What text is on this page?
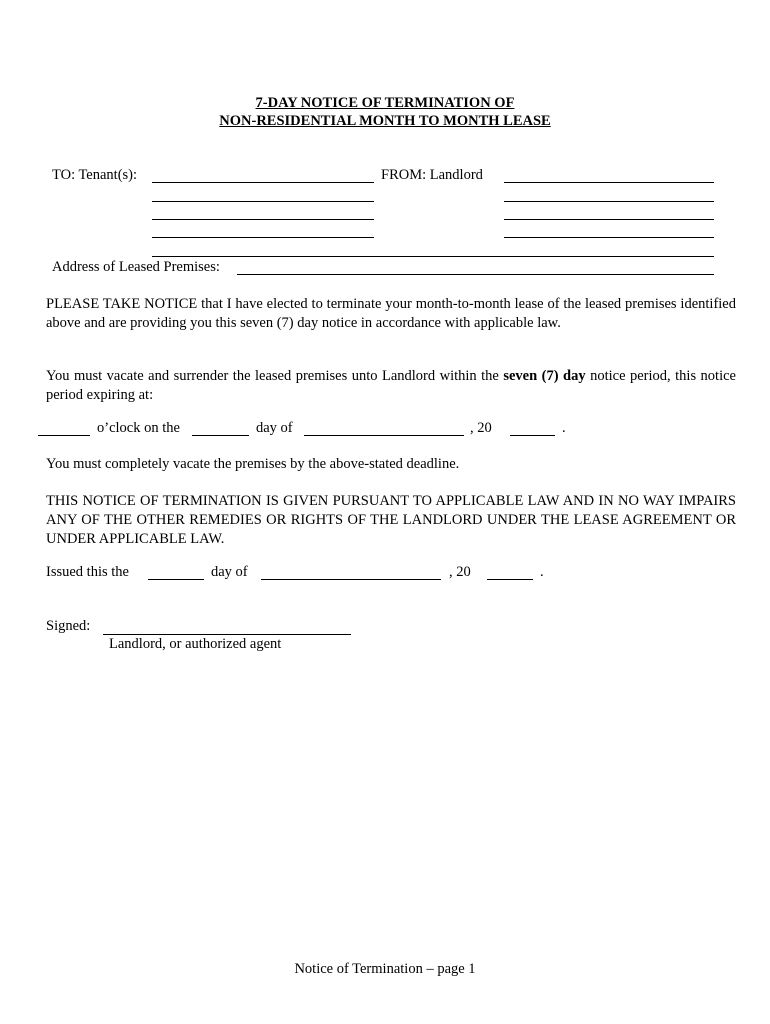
7-DAY NOTICE OF TERMINATION OF
NON-RESIDENTIAL MONTH TO MONTH LEASE
TO: Tenant(s):	FROM: Landlord
Address of Leased Premises:
PLEASE TAKE NOTICE that I have elected to terminate your month-to-month lease of the leased premises identified above and are providing you this seven (7) day notice in accordance with applicable law.
You must vacate and surrender the leased premises unto Landlord within the seven (7) day notice period, this notice period expiring at:
o’clock on the	day of	, 20	.
You must completely vacate the premises by the above-stated deadline.
THIS NOTICE OF TERMINATION IS GIVEN PURSUANT TO APPLICABLE LAW AND IN NO WAY IMPAIRS ANY OF THE OTHER REMEDIES OR RIGHTS OF THE LANDLORD UNDER THE LEASE AGREEMENT OR UNDER APPLICABLE LAW.
Issued this the	day of	, 20	.
Signed:
Landlord, or authorized agent
Notice of Termination – page 1
